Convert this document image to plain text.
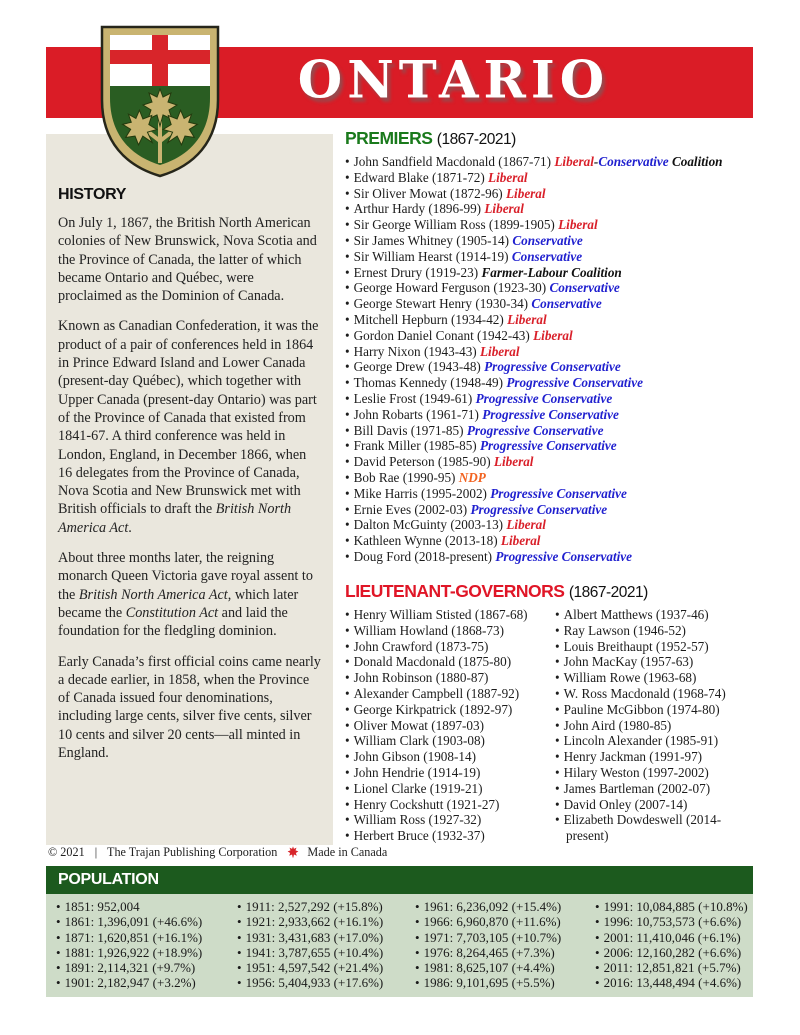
ONTARIO
HISTORY

On July 1, 1867, the British North American colonies of New Brunswick, Nova Scotia and the Province of Canada, the latter of which became Ontario and Québec, were proclaimed as the Dominion of Canada.

Known as Canadian Confederation, it was the product of a pair of conferences held in 1864 in Prince Edward Island and Lower Canada (present-day Québec), which together with Upper Canada (present-day Ontario) was part of the Province of Canada that existed from 1841-67. A third conference was held in London, England, in December 1866, when 16 delegates from the Province of Canada, Nova Scotia and New Brunswick met with British officials to draft the British North America Act.

About three months later, the reigning monarch Queen Victoria gave royal assent to the British North America Act, which later became the Constitution Act and laid the foundation for the fledgling dominion.

Early Canada’s first official coins came nearly a decade earlier, in 1858, when the Province of Canada issued four denominations, including large cents, silver five cents, silver 10 cents and silver 20 cents—all minted in England.

PREMIERS (1867-2021)
• John Sandfield Macdonald (1867-71) Liberal-Conservative Coalition
• Edward Blake (1871-72) Liberal
• Sir Oliver Mowat (1872-96) Liberal
• Arthur Hardy (1896-99) Liberal
• Sir George William Ross (1899-1905) Liberal
• Sir James Whitney (1905-14) Conservative
• Sir William Hearst (1914-19) Conservative
• Ernest Drury (1919-23) Farmer-Labour Coalition
• George Howard Ferguson (1923-30) Conservative
• George Stewart Henry (1930-34) Conservative
• Mitchell Hepburn (1934-42) Liberal
• Gordon Daniel Conant (1942-43) Liberal
• Harry Nixon (1943-43) Liberal
• George Drew (1943-48) Progressive Conservative
• Thomas Kennedy (1948-49) Progressive Conservative
• Leslie Frost (1949-61) Progressive Conservative
• John Robarts (1961-71) Progressive Conservative
• Bill Davis (1971-85) Progressive Conservative
• Frank Miller (1985-85) Progressive Conservative
• David Peterson (1985-90) Liberal
• Bob Rae (1990-95) NDP
• Mike Harris (1995-2002) Progressive Conservative
• Ernie Eves (2002-03) Progressive Conservative
• Dalton McGuinty (2003-13) Liberal
• Kathleen Wynne (2013-18) Liberal
• Doug Ford (2018-present) Progressive Conservative
LIEUTENANT-GOVERNORS (1867-2021)
• Henry William Stisted (1867-68)
• William Howland (1868-73)
• John Crawford (1873-75)
• Donald Macdonald (1875-80)
• John Robinson (1880-87)
• Alexander Campbell (1887-92)
• George Kirkpatrick (1892-97)
• Oliver Mowat (1897-03)
• William Clark (1903-08)
• John Gibson (1908-14)
• John Hendrie (1914-19)
• Lionel Clarke (1919-21)
• Henry Cockshutt (1921-27)
• William Ross (1927-32)
• Herbert Bruce (1932-37)
• Albert Matthews (1937-46)
• Ray Lawson (1946-52)
• Louis Breithaupt (1952-57)
• John MacKay (1957-63)
• William Rowe (1963-68)
• W. Ross Macdonald (1968-74)
• Pauline McGibbon (1974-80)
• John Aird (1980-85)
• Lincoln Alexander (1985-91)
• Henry Jackman (1991-97)
• Hilary Weston (1997-2002)
• James Bartleman (2002-07)
• David Onley (2007-14)
• Elizabeth Dowdeswell (2014-present)
© 2021 | The Trajan Publishing Corporation Made in Canada
POPULATION
• 1851: 952,004
• 1861: 1,396,091 (+46.6%)
• 1871: 1,620,851 (+16.1%)
• 1881: 1,926,922 (+18.9%)
• 1891: 2,114,321 (+9.7%)
• 1901: 2,182,947 (+3.2%)
• 1911: 2,527,292 (+15.8%)
• 1921: 2,933,662 (+16.1%)
• 1931: 3,431,683 (+17.0%)
• 1941: 3,787,655 (+10.4%)
• 1951: 4,597,542 (+21.4%)
• 1956: 5,404,933 (+17.6%)
• 1961: 6,236,092 (+15.4%)
• 1966: 6,960,870 (+11.6%)
• 1971: 7,703,105 (+10.7%)
• 1976: 8,264,465 (+7.3%)
• 1981: 8,625,107 (+4.4%)
• 1986: 9,101,695 (+5.5%)
• 1991: 10,084,885 (+10.8%)
• 1996: 10,753,573 (+6.6%)
• 2001: 11,410,046 (+6.1%)
• 2006: 12,160,282 (+6.6%)
• 2011: 12,851,821 (+5.7%)
• 2016: 13,448,494 (+4.6%)
